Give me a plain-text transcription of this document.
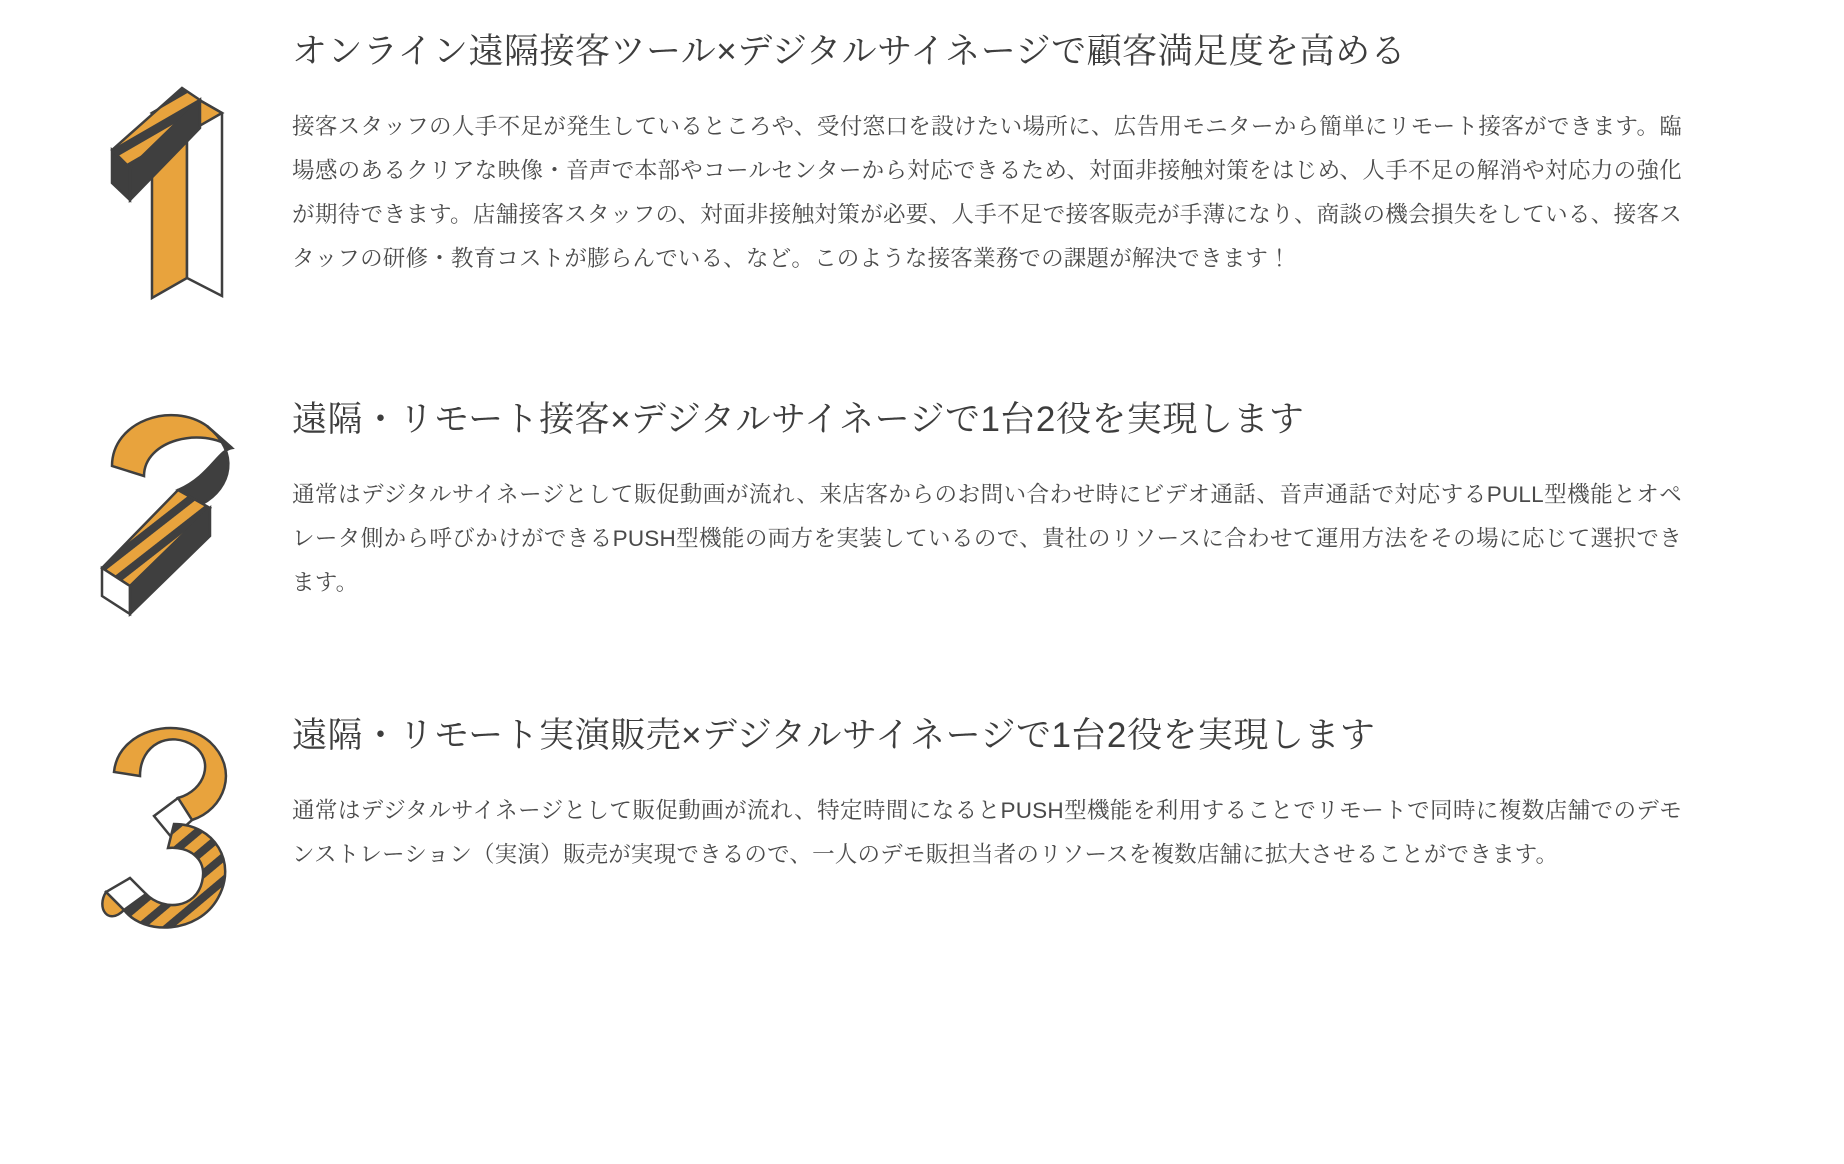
オンライン遠隔接客ツール×デジタルサイネージで顧客満足度を高める

接客スタッフの人手不足が発生しているところや、受付窓口を設けたい場所に、広告用モニターから簡単にリモート接客ができます。臨場感のあるクリアな映像・音声で本部やコールセンターから対応できるため、対面非接触対策をはじめ、人手不足の解消や対応力の強化が期待できます。店舗接客スタッフの、対面非接触対策が必要、人手不足で接客販売が手薄になり、商談の機会損失をしている、接客スタッフの研修・教育コストが膨らんでいる、など。このような接客業務での課題が解決できます！

遠隔・リモート接客×デジタルサイネージで1台2役を実現します

通常はデジタルサイネージとして販促動画が流れ、来店客からのお問い合わせ時にビデオ通話、音声通話で対応するPULL型機能とオペレータ側から呼びかけができるPUSH型機能の両方を実装しているので、貴社のリソースに合わせて運用方法をその場に応じて選択できます。

遠隔・リモート実演販売×デジタルサイネージで1台2役を実現します

通常はデジタルサイネージとして販促動画が流れ、特定時間になるとPUSH型機能を利用することでリモートで同時に複数店舗でのデモンストレーション（実演）販売が実現できるので、一人のデモ販担当者のリソースを複数店舗に拡大させることができます。
